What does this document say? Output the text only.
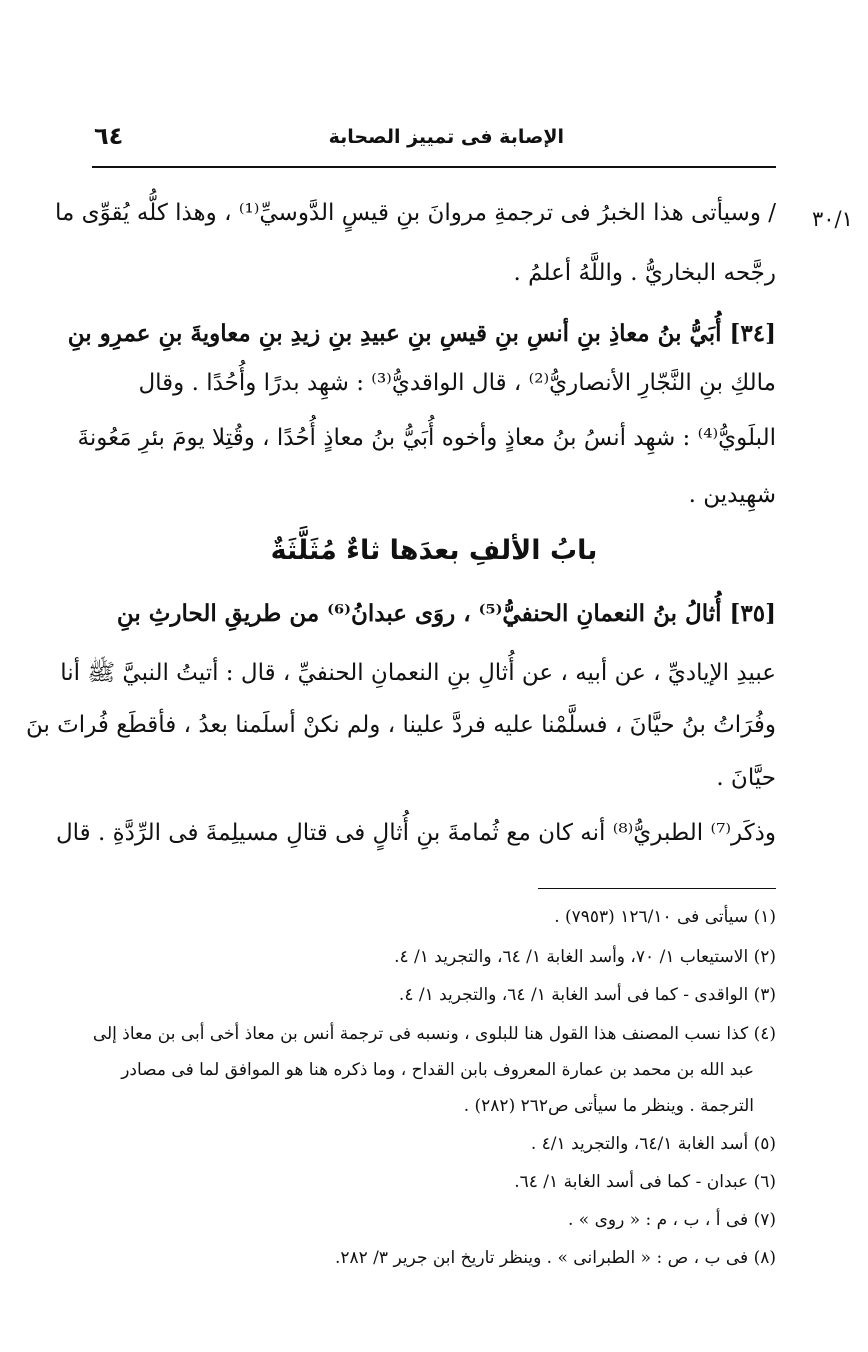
٦٤	الإصابة فى تمييز الصحابة
٣٠/١
/ وسيأتى هذا الخبرُ فى ترجمةِ مروانَ بنِ قيسٍ الدَّوسيِّ⁽¹⁾ ، وهذا كلُّه يُقوِّى ما
رجَّحه البخاريُّ . واللَّهُ أعلمُ .
[٣٤] أُبَيُّ بنُ معاذِ بنِ أنسِ بنِ قيسِ بنِ عبيدِ بنِ زيدِ بنِ معاويةَ بنِ عمرِو بنِ
مالكِ بنِ النَّجّارِ الأنصاريُّ⁽²⁾ ، قال الواقديُّ⁽³⁾ : شهِد بدرًا وأُحُدًا . وقال
البلَويُّ⁽⁴⁾ : شهِد أنسُ بنُ معاذٍ وأخوه أُبَيُّ بنُ معاذٍ أُحُدًا ، وقُتِلا يومَ بئرِ مَعُونةَ
شهِيدين .
[٣٥] أُثالُ بنُ النعمانِ الحنفيُّ⁽⁵⁾ ، روَى عبدانُ⁽⁶⁾ من طريقِ الحارثِ بنِ
عبيدِ الإياديِّ ، عن أبيه ، عن أُثالِ بنِ النعمانِ الحنفيِّ ، قال : أتيتُ النبيَّ ﷺ أنا
وفُرَاتُ بنُ حيَّانَ ، فسلَّمْنا عليه فردَّ علينا ، ولم نكنْ أسلَمنا بعدُ ، فأقطَع فُراتَ بنَ
حيَّانَ .
وذكَر⁽⁷⁾ الطبريُّ⁽⁸⁾ أنه كان مع ثُمامةَ بنِ أُثالٍ فى قتالِ مسيلِمةَ فى الرِّدَّةِ . قال
بابُ الألفِ بعدَها ثاءٌ مُثَلَّثَةٌ
(١) سيأتى فى ١٢٦/١٠ (٧٩٥٣) .
(٢) الاستيعاب ١/ ٧٠، وأسد الغابة ١/ ٦٤، والتجريد ١/ ٤.
(٣) الواقدى - كما فى أسد الغابة ١/ ٦٤، والتجريد ١/ ٤.
(٤) كذا نسب المصنف هذا القول هنا للبلوى ، ونسبه فى ترجمة أنس بن معاذ أخى أبى بن معاذ إلى
عبد الله بن محمد بن عمارة المعروف بابن القداح ، وما ذكره هنا هو الموافق لما فى مصادر
الترجمة . وينظر ما سيأتى ص٢٦٢ (٢٨٢) .
(٥) أسد الغابة ٦٤/١، والتجريد ٤/١ .
(٦) عبدان - كما فى أسد الغابة ١/ ٦٤.
(٧) فى أ ، ب ، م : « روى » .
(٨) فى ب ، ص : « الطبرانى » . وينظر تاريخ ابن جرير ٣/ ٢٨٢.
